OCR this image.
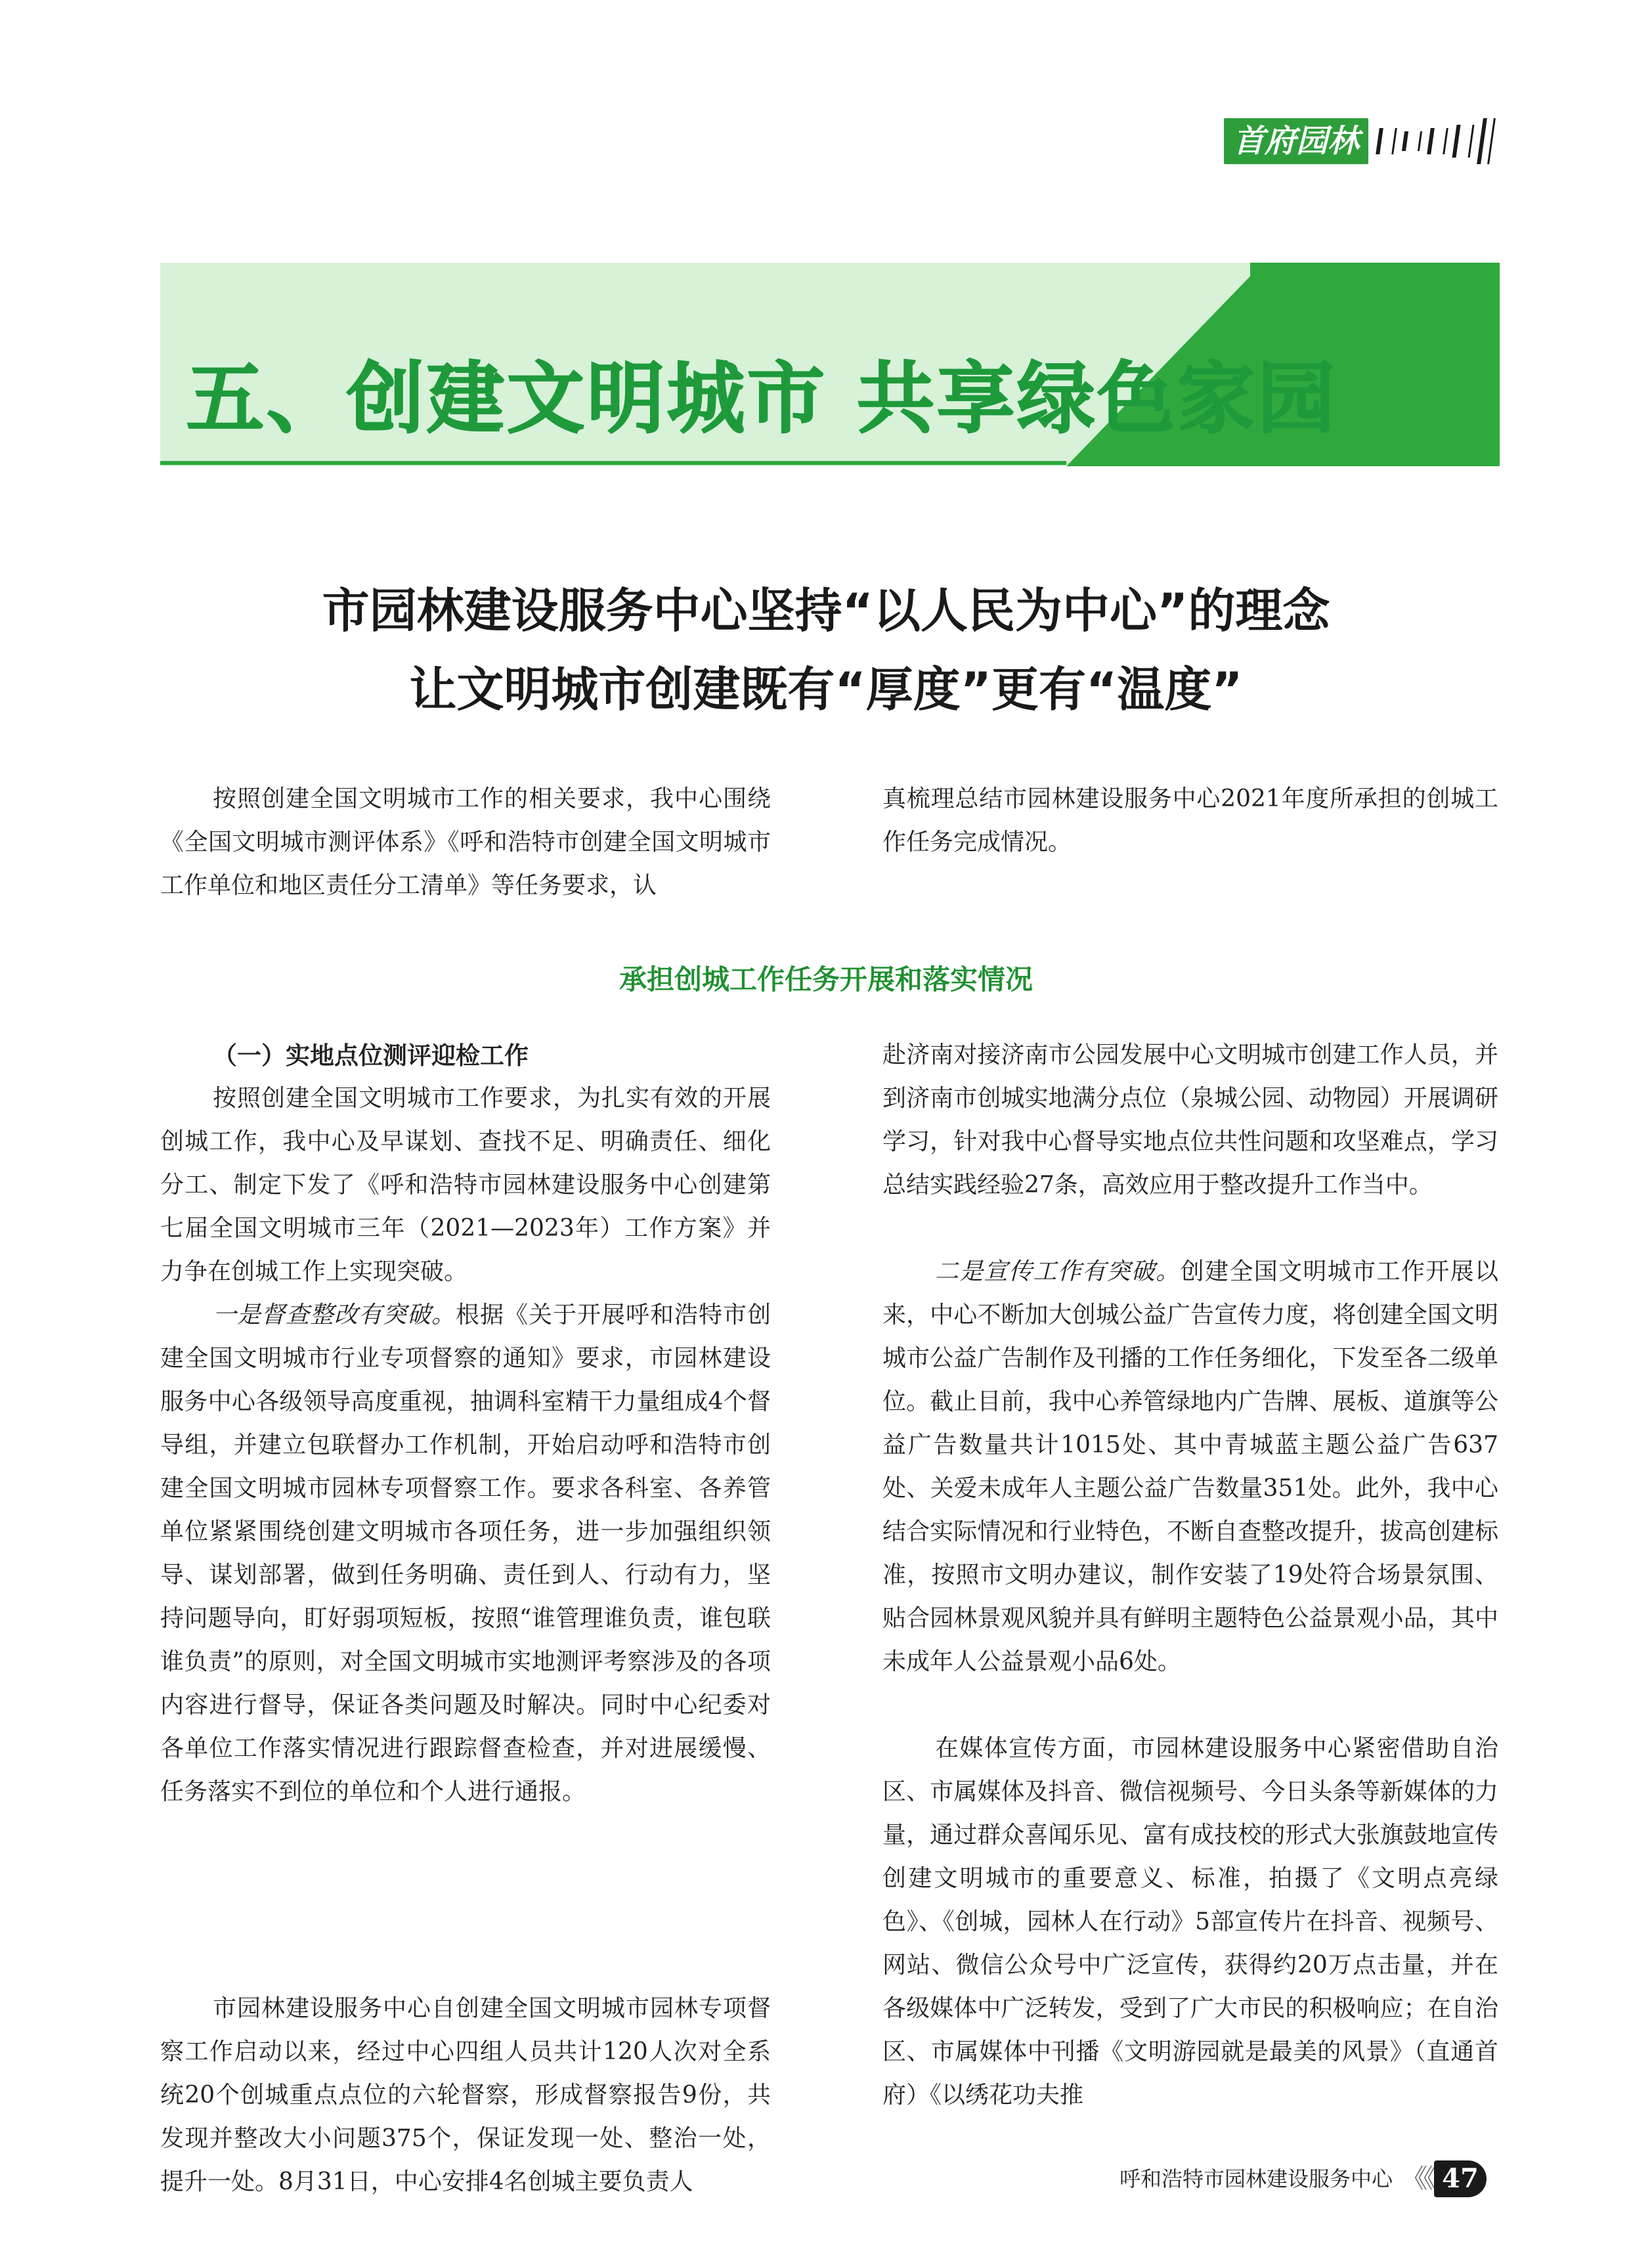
首府园林
五、创建文明城市 共享绿色家园
市园林建设服务中心坚持“以人民为中心”的理念
让文明城市创建既有“厚度”更有“温度”

按照创建全国文明城市工作的相关要求，我中心围绕《全国文明城市测评体系》《呼和浩特市创建全国文明城市工作单位和地区责任分工清单》等任务要求，认

真梳理总结市园林建设服务中心2021年度所承担的创城工作任务完成情况。

承担创城工作任务开展和落实情况
（一）实地点位测评迎检工作

按照创建全国文明城市工作要求，为扎实有效的开展创城工作，我中心及早谋划、查找不足、明确责任、细化分工、制定下发了《呼和浩特市园林建设服务中心创建第七届全国文明城市三年（2021—2023年）工作方案》并力争在创城工作上实现突破。

一是督查整改有突破。根据《关于开展呼和浩特市创建全国文明城市行业专项督察的通知》要求，市园林建设服务中心各级领导高度重视，抽调科室精干力量组成4个督导组，并建立包联督办工作机制，开始启动呼和浩特市创建全国文明城市园林专项督察工作。要求各科室、各养管单位紧紧围绕创建文明城市各项任务，进一步加强组织领导、谋划部署，做到任务明确、责任到人、行动有力，坚持问题导向，盯好弱项短板，按照“谁管理谁负责，谁包联谁负责”的原则，对全国文明城市实地测评考察涉及的各项内容进行督导，保证各类问题及时解决。同时中心纪委对各单位工作落实情况进行跟踪督查检查，并对进展缓慢、任务落实不到位的单位和个人进行通报。

市园林建设服务中心自创建全国文明城市园林专项督察工作启动以来，经过中心四组人员共计120人次对全系统20个创城重点点位的六轮督察，形成督察报告9份，共发现并整改大小问题375个，保证发现一处、整治一处，提升一处。8月31日，中心安排4名创城主要负责人

赴济南对接济南市公园发展中心文明城市创建工作人员，并到济南市创城实地满分点位（泉城公园、动物园）开展调研学习，针对我中心督导实地点位共性问题和攻坚难点，学习总结实践经验27条，高效应用于整改提升工作当中。

二是宣传工作有突破。创建全国文明城市工作开展以来，中心不断加大创城公益广告宣传力度，将创建全国文明城市公益广告制作及刊播的工作任务细化，下发至各二级单位。截止目前，我中心养管绿地内广告牌、展板、道旗等公益广告数量共计1015处、其中青城蓝主题公益广告637处、关爱未成年人主题公益广告数量351处。此外，我中心结合实际情况和行业特色，不断自查整改提升，拔高创建标准，按照市文明办建议，制作安装了19处符合场景氛围、贴合园林景观风貌并具有鲜明主题特色公益景观小品，其中未成年人公益景观小品6处。

在媒体宣传方面，市园林建设服务中心紧密借助自治区、市属媒体及抖音、微信视频号、今日头条等新媒体的力量，通过群众喜闻乐见、富有成技校的形式大张旗鼓地宣传创建文明城市的重要意义、标准，拍摄了《文明点亮绿色》、《创城，园林人在行动》5部宣传片在抖音、视频号、网站、微信公众号中广泛宣传，获得约20万点击量，并在各级媒体中广泛转发，受到了广大市民的积极响应；在自治区、市属媒体中刊播《文明游园就是最美的风景》（直通首府）《以绣花功夫推

呼和浩特市园林建设服务中心 《《 47
